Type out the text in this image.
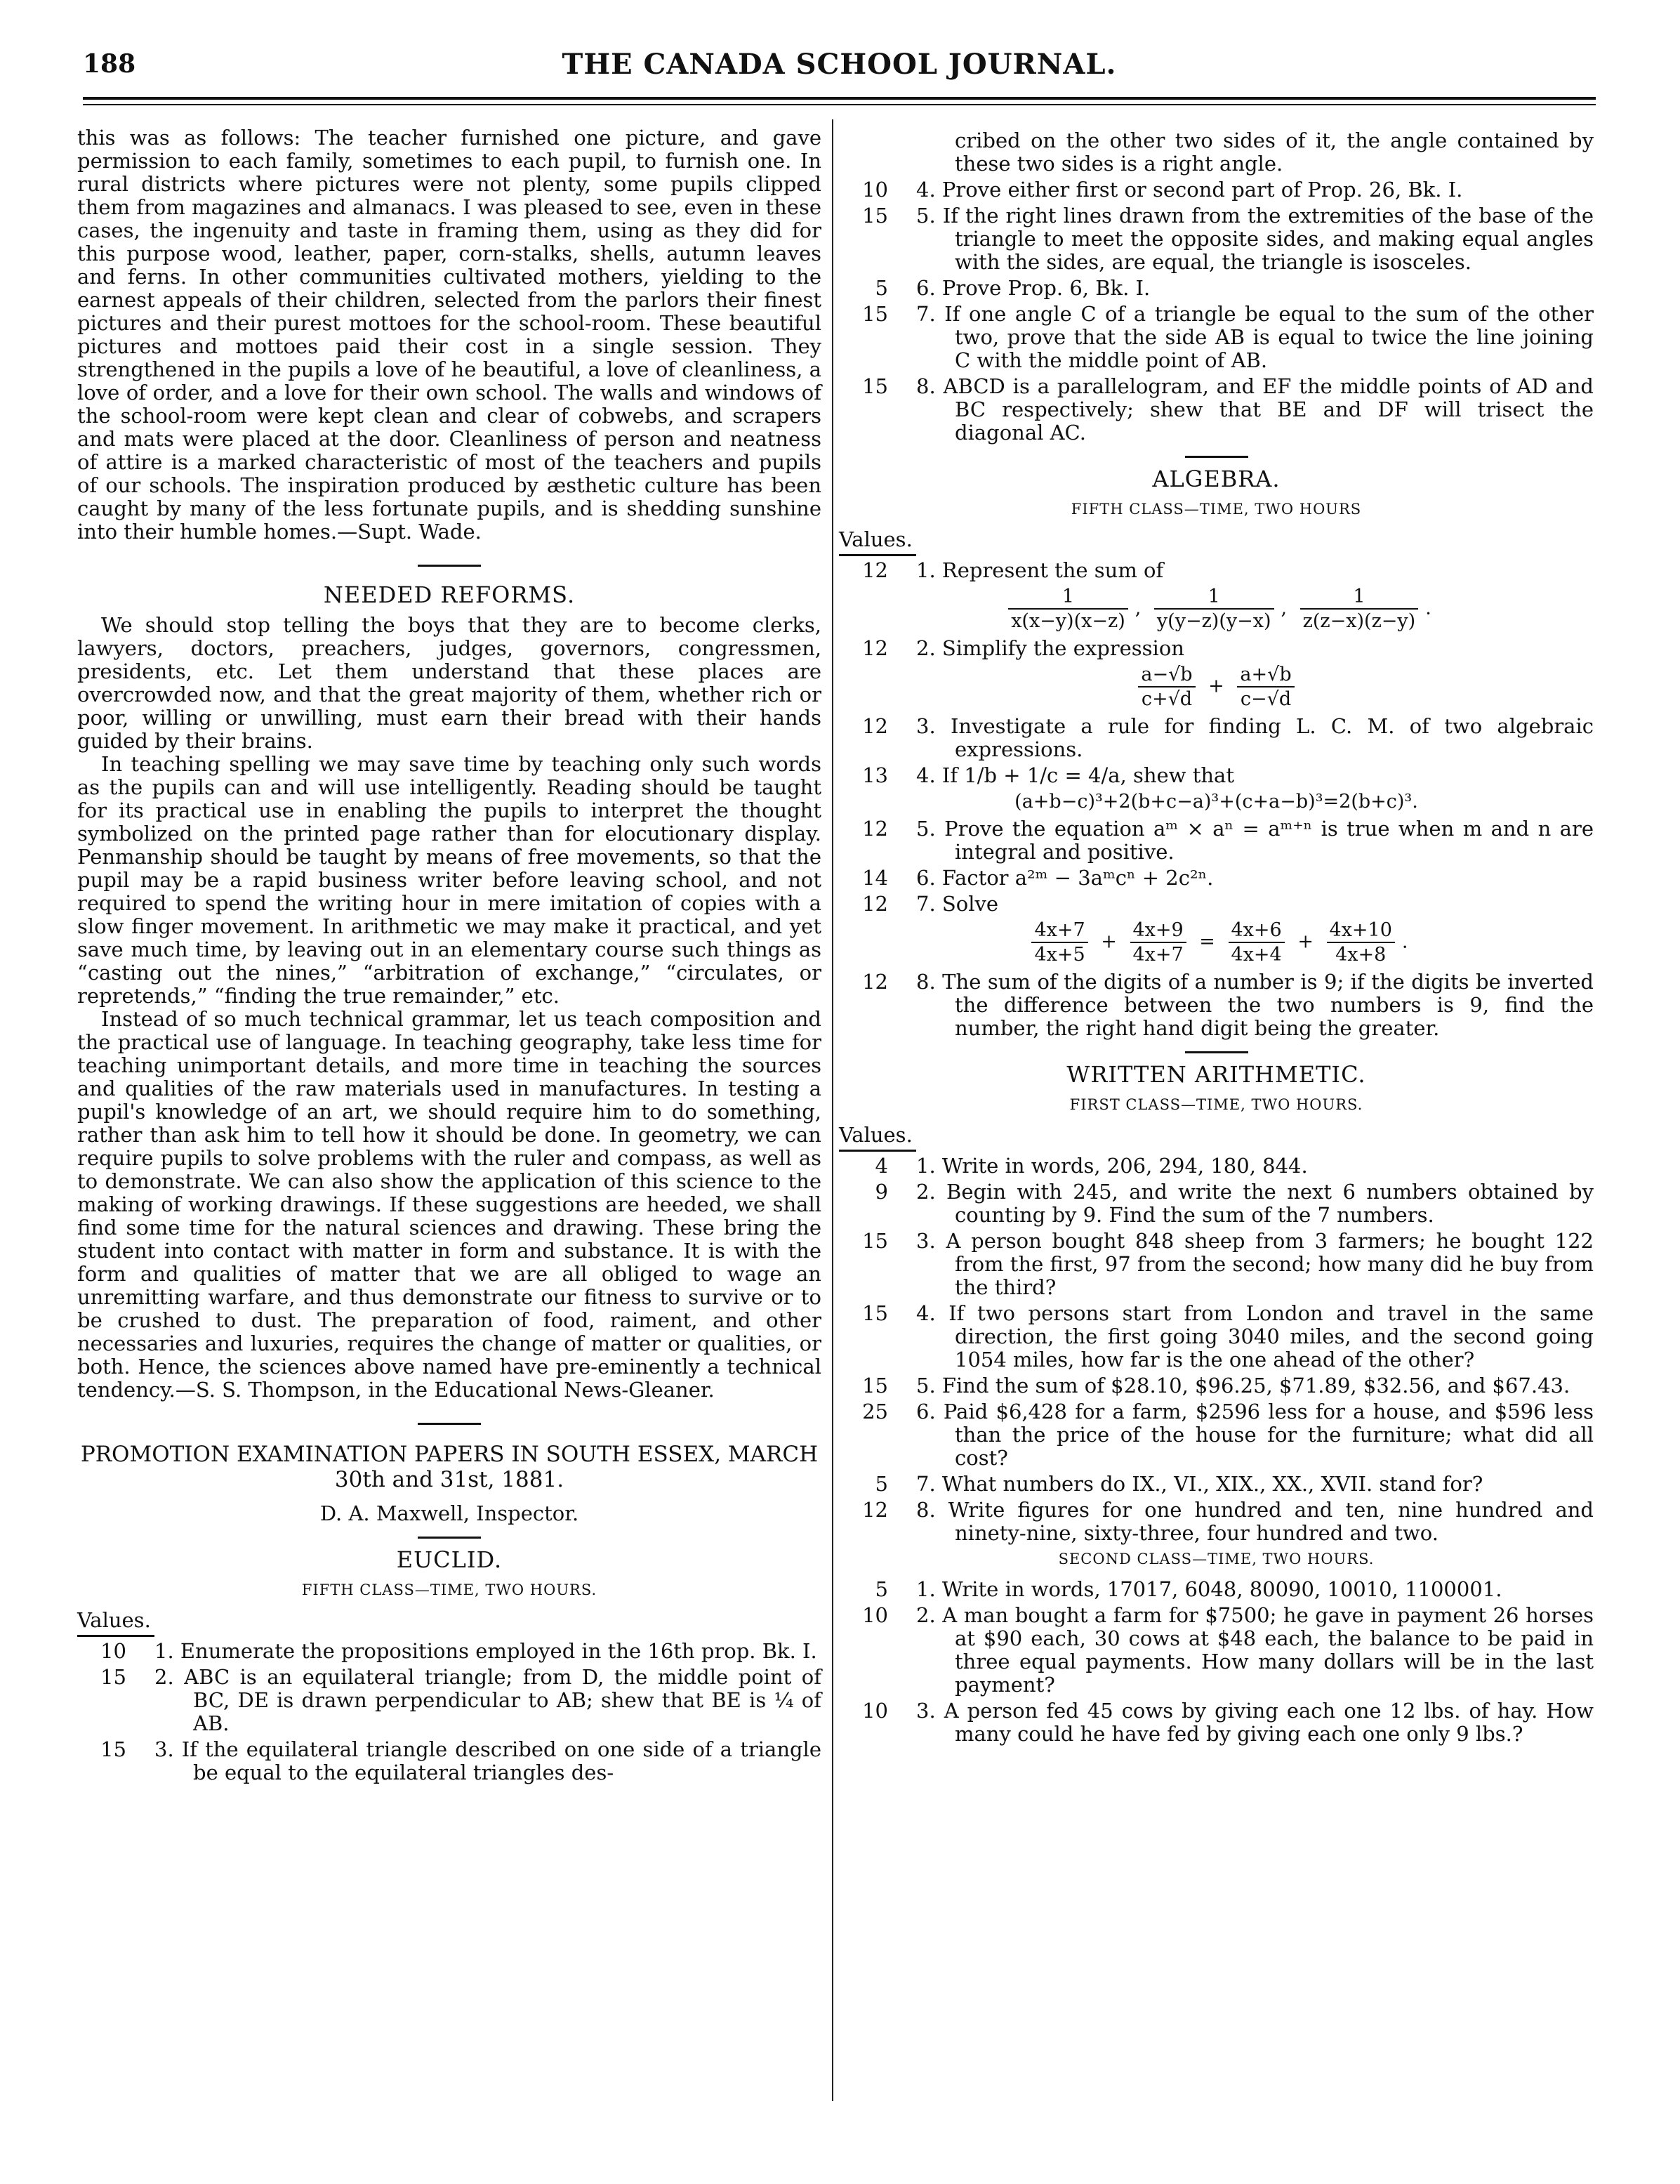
188	THE CANADA SCHOOL JOURNAL.

this was as follows: The teacher furnished one picture, and gave permission to each family, sometimes to each pupil, to furnish one. In rural districts where pictures were not plenty, some pupils clipped them from magazines and almanacs. I was pleased to see, even in these cases, the ingenuity and taste in framing them, using as they did for this purpose wood, leather, paper, corn-stalks, shells, autumn leaves and ferns. In other communities cultivated mothers, yielding to the earnest appeals of their children, selected from the parlors their finest pictures and their purest mottoes for the school-room. These beautiful pictures and mottoes paid their cost in a single session. They strengthened in the pupils a love of he beautiful, a love of cleanliness, a love of order, and a love for their own school. The walls and windows of the school-room were kept clean and clear of cobwebs, and scrapers and mats were placed at the door. Cleanliness of person and neatness of attire is a marked characteristic of most of the teachers and pupils of our schools. The inspiration produced by æsthetic culture has been caught by many of the less fortunate pupils, and is shedding sunshine into their humble homes.—Supt. Wade.

NEEDED REFORMS.

We should stop telling the boys that they are to become clerks, lawyers, doctors, preachers, judges, governors, congressmen, presidents, etc. Let them understand that these places are overcrowded now, and that the great majority of them, whether rich or poor, willing or unwilling, must earn their bread with their hands guided by their brains.

In teaching spelling we may save time by teaching only such words as the pupils can and will use intelligently. Reading should be taught for its practical use in enabling the pupils to interpret the thought symbolized on the printed page rather than for elocutionary display. Penmanship should be taught by means of free movements, so that the pupil may be a rapid business writer before leaving school, and not required to spend the writing hour in mere imitation of copies with a slow finger movement. In arithmetic we may make it practical, and yet save much time, by leaving out in an elementary course such things as “casting out the nines,” “arbitration of exchange,” “circulates, or repretends,” “finding the true remainder,” etc.

Instead of so much technical grammar, let us teach composition and the practical use of language. In teaching geography, take less time for teaching unimportant details, and more time in teaching the sources and qualities of the raw materials used in manufactures. In testing a pupil's knowledge of an art, we should require him to do something, rather than ask him to tell how it should be done. In geometry, we can require pupils to solve problems with the ruler and compass, as well as to demonstrate. We can also show the application of this science to the making of working drawings. If these suggestions are heeded, we shall find some time for the natural sciences and drawing. These bring the student into contact with matter in form and substance. It is with the form and qualities of matter that we are all obliged to wage an unremitting warfare, and thus demonstrate our fitness to survive or to be crushed to dust. The preparation of food, raiment, and other necessaries and luxuries, requires the change of matter or qualities, or both. Hence, the sciences above named have pre-eminently a technical tendency.—S. S. Thompson, in the Educational News-Gleaner.

PROMOTION EXAMINATION PAPERS IN SOUTH ESSEX, MARCH 30th and 31st, 1881.
D. A. Maxwell, Inspector.
EUCLID.
FIFTH CLASS—TIME, TWO HOURS.
Values.
10 1. Enumerate the propositions employed in the 16th prop. Bk. I.
15 2. ABC is an equilateral triangle; from D, the middle point of BC, DE is drawn perpendicular to AB; shew that BE is ¼ of AB.
15 3. If the equilateral triangle described on one side of a triangle be equal to the equilateral triangles des-
cribed on the other two sides of it, the angle contained by these two sides is a right angle.
10 4. Prove either first or second part of Prop. 26, Bk. I.
15 5. If the right lines drawn from the extremities of the base of the triangle to meet the opposite sides, and making equal angles with the sides, are equal, the triangle is isosceles.
5 6. Prove Prop. 6, Bk. I.
15 7. If one angle C of a triangle be equal to the sum of the other two, prove that the side AB is equal to twice the line joining C with the middle point of AB.
15 8. ABCD is a parallelogram, and EF the middle points of AD and BC respectively; shew that BE and DF will trisect the diagonal AC.
ALGEBRA.
FIFTH CLASS—TIME, TWO HOURS
Values.
12 1. Represent the sum of
$\frac{1}{x(x-y)(x-z)}$ , $\frac{1}{y(y-z)(y-x)}$ , $\frac{1}{z(z-x)(z-y)}$ .
12 2. Simplify the expression
$\frac{a-√b}{c+√d} + \frac{a+√b}{c-√d}$
12 3. Investigate a rule for finding L. C. M. of two algebraic expressions.
13 4. If 1/b + 1/c = 4/a, shew that
(a+b−c)³+2(b+c−a)³+(c+a−b)³=2(b+c)³.
12 5. Prove the equation aᵐ × aⁿ = aᵐ⁺ⁿ is true when m and n are integral and positive.
14 6. Factor a²ᵐ − 3aᵐcⁿ + 2c²ⁿ.
12 7. Solve
$\frac{4x+7}{4x+5} + \frac{4x+9}{4x+7} = \frac{4x+6}{4x+4} + \frac{4x+10}{4x+8}$ .
12 8. The sum of the digits of a number is 9; if the digits be inverted the difference between the two numbers is 9, find the number, the right hand digit being the greater.
WRITTEN ARITHMETIC.
FIRST CLASS—TIME, TWO HOURS.
Values.
4 1. Write in words, 206, 294, 180, 844.
9 2. Begin with 245, and write the next 6 numbers obtained by counting by 9. Find the sum of the 7 numbers.
15 3. A person bought 848 sheep from 3 farmers; he bought 122 from the first, 97 from the second; how many did he buy from the third?
15 4. If two persons start from London and travel in the same direction, the first going 3040 miles, and the second going 1054 miles, how far is the one ahead of the other?
15 5. Find the sum of $28.10, $96.25, $71.89, $32.56, and $67.43.
25 6. Paid $6,428 for a farm, $2596 less for a house, and $596 less than the price of the house for the furniture; what did all cost?
5 7. What numbers do IX., VI., XIX., XX., XVII. stand for?
12 8. Write figures for one hundred and ten, nine hundred and ninety-nine, sixty-three, four hundred and two.
SECOND CLASS—TIME, TWO HOURS.
5 1. Write in words, 17017, 6048, 80090, 10010, 1100001.
10 2. A man bought a farm for $7500; he gave in payment 26 horses at $90 each, 30 cows at $48 each, the balance to be paid in three equal payments. How many dollars will be in the last payment?
10 3. A person fed 45 cows by giving each one 12 lbs. of hay. How many could he have fed by giving each one only 9 lbs.?
